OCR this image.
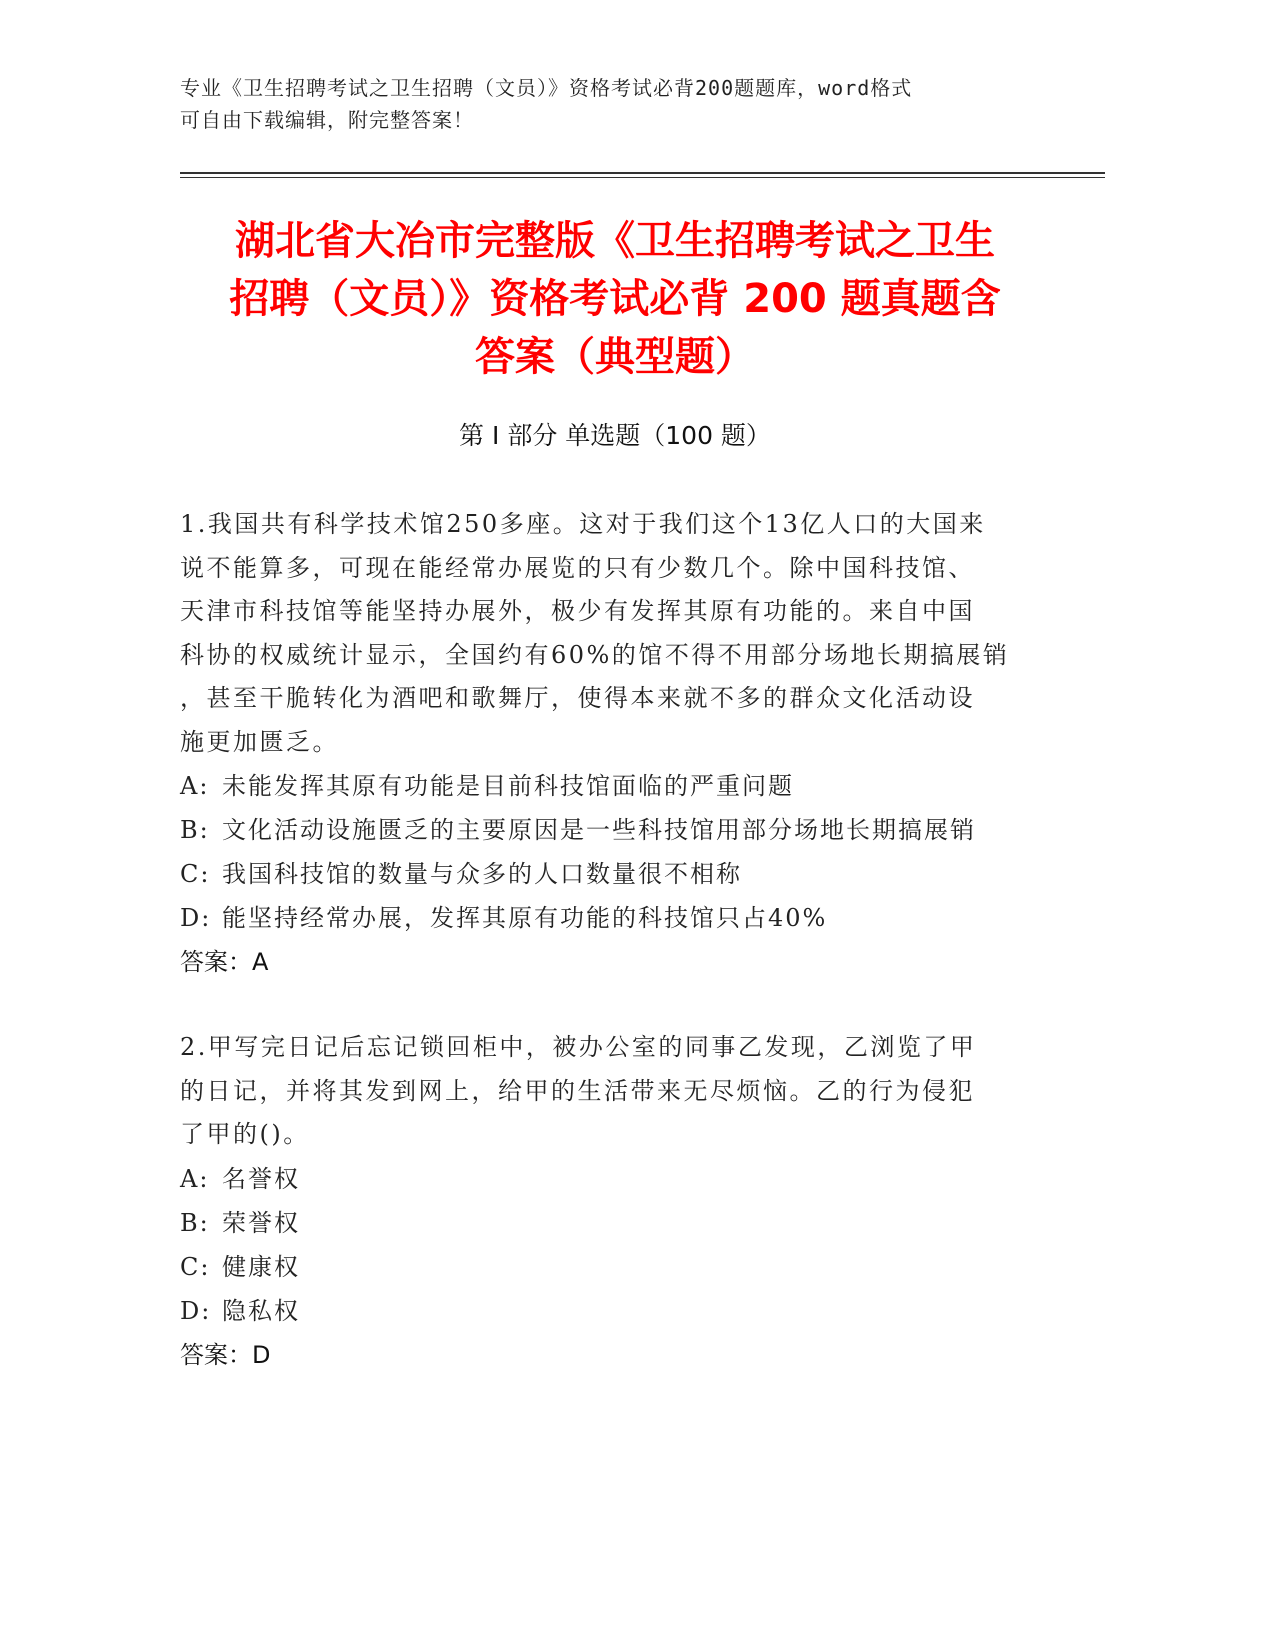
专业《卫生招聘考试之卫生招聘（文员）》资格考试必背200题题库，word格式

可自由下载编辑，附完整答案！

湖北省大冶市完整版《卫生招聘考试之卫生

招聘（文员）》资格考试必背 200 题真题含

答案（典型题）

第 I 部分 单选题（100 题）

1.我国共有科学技术馆250多座。这对于我们这个13亿人口的大国来

说不能算多，可现在能经常办展览的只有少数几个。除中国科技馆、

天津市科技馆等能坚持办展外，极少有发挥其原有功能的。来自中国

科协的权威统计显示，全国约有60%的馆不得不用部分场地长期搞展销

，甚至干脆转化为酒吧和歌舞厅，使得本来就不多的群众文化活动设

施更加匮乏。

A: 未能发挥其原有功能是目前科技馆面临的严重问题

B: 文化活动设施匮乏的主要原因是一些科技馆用部分场地长期搞展销

C: 我国科技馆的数量与众多的人口数量很不相称

D: 能坚持经常办展，发挥其原有功能的科技馆只占40%

答案：A

2.甲写完日记后忘记锁回柜中，被办公室的同事乙发现，乙浏览了甲

的日记，并将其发到网上，给甲的生活带来无尽烦恼。乙的行为侵犯

了甲的()。

A: 名誉权

B: 荣誉权

C: 健康权

D: 隐私权

答案：D
